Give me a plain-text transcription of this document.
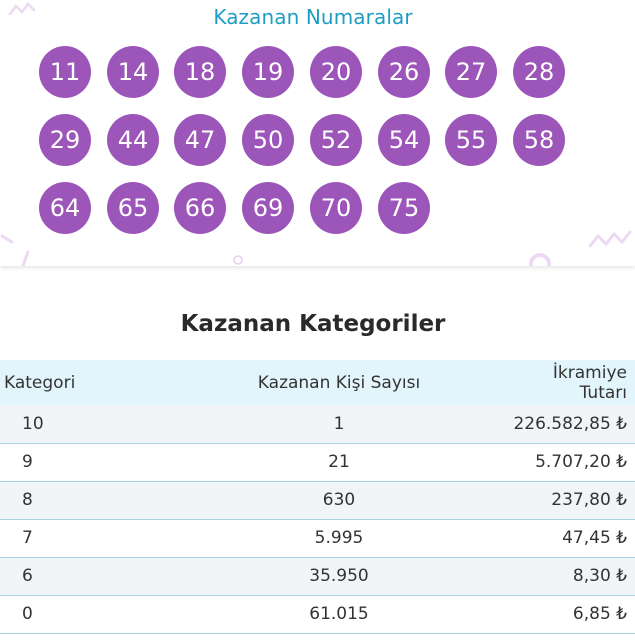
Kazanan Numaralar
11	14	18	19	20	26	27	28
29	44	47	50	52	54	55	58
64	65	66	69	70	75
Kazanan Kategoriler
Kategori	Kazanan Kişi Sayısı	İkramiye Tutarı
10	1	226.582,85 ₺
9	21	5.707,20 ₺
8	630	237,80 ₺
7	5.995	47,45 ₺
6	35.950	8,30 ₺
0	61.015	6,85 ₺
